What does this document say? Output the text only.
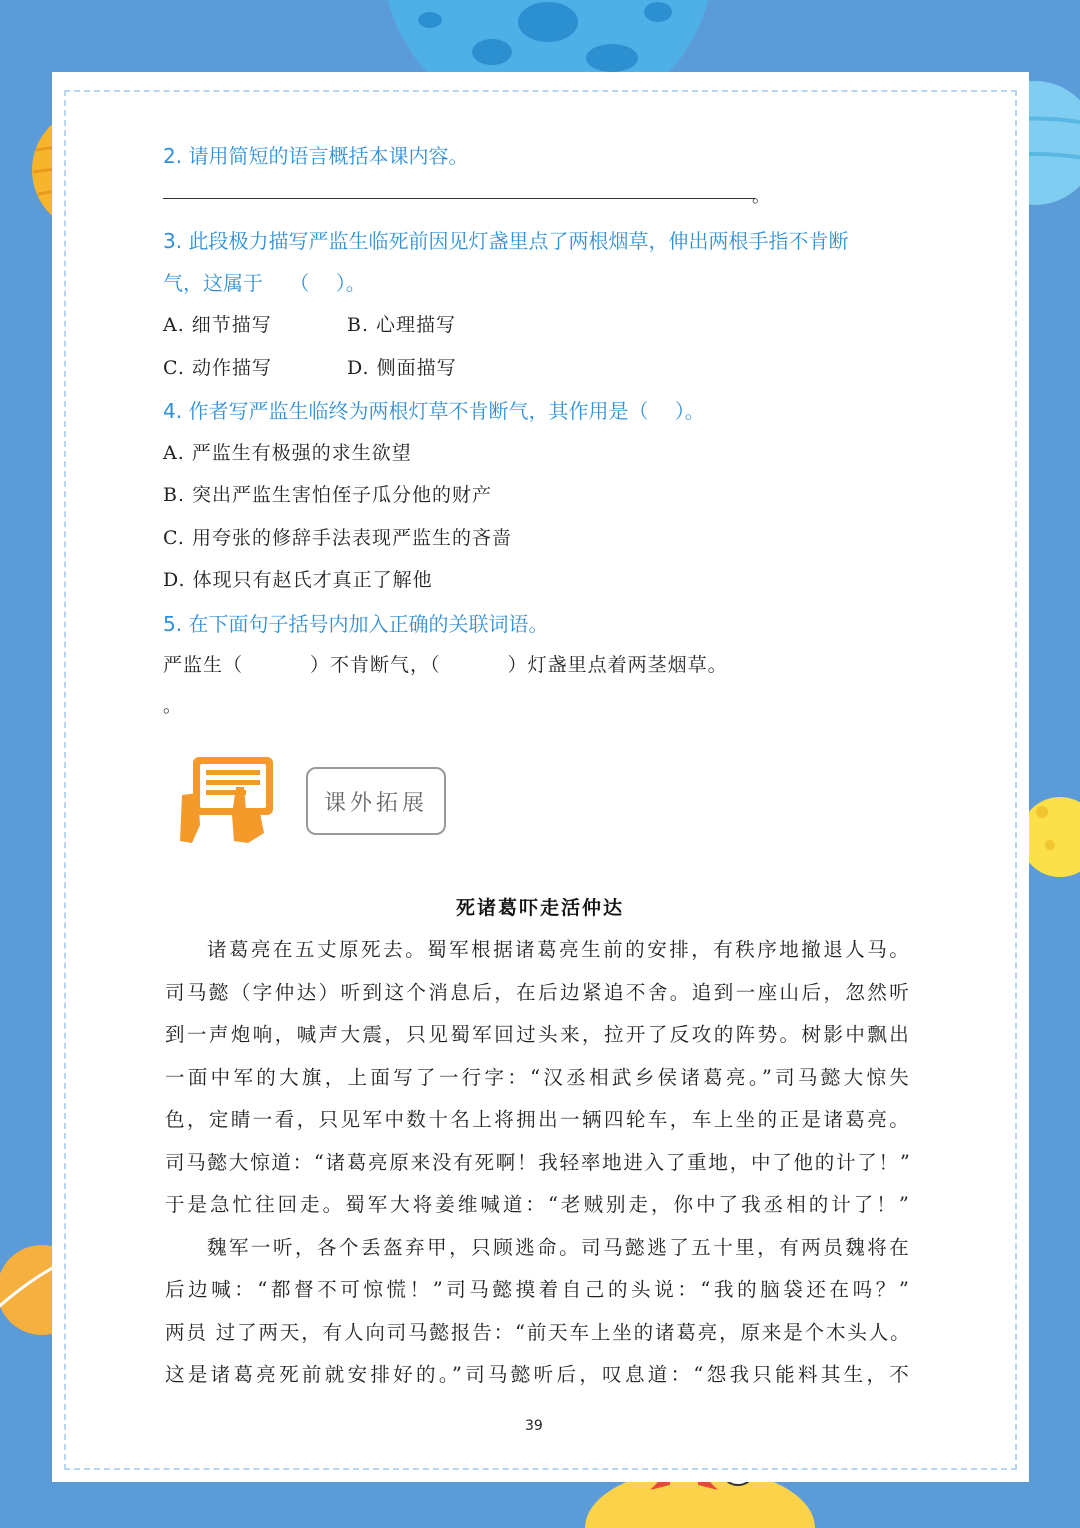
2. 请用简短的语言概括本课内容。
。
3. 此段极力描写严监生临死前因见灯盏里点了两根烟草，伸出两根手指不肯断
气，这属于　 （　 ）。
A. 细节描写	B. 心理描写
C. 动作描写	D. 侧面描写
4. 作者写严监生临终为两根灯草不肯断气，其作用是（　 ）。
A. 严监生有极强的求生欲望
B. 突出严监生害怕侄子瓜分他的财产
C. 用夸张的修辞手法表现严监生的吝啬
D. 体现只有赵氏才真正了解他
5. 在下面句子括号内加入正确的关联词语。
严监生（　　　 ）不肯断气，（　　　 ）灯盏里点着两茎烟草。
。
课外拓展
死诸葛吓走活仲达
诸葛亮在五丈原死去。蜀军根据诸葛亮生前的安排，有秩序地撤退人马。
司马懿（字仲达）听到这个消息后，在后边紧追不舍。追到一座山后，忽然听
到一声炮响，喊声大震，只见蜀军回过头来，拉开了反攻的阵势。树影中飘出
一面中军的大旗，上面写了一行字：“汉丞相武乡侯诸葛亮。”司马懿大惊失
色，定睛一看，只见军中数十名上将拥出一辆四轮车，车上坐的正是诸葛亮。
司马懿大惊道：“诸葛亮原来没有死啊！我轻率地进入了重地，中了他的计了！”
于是急忙往回走。蜀军大将姜维喊道：“老贼别走，你中了我丞相的计了！”
魏军一听，各个丢盔弃甲，只顾逃命。司马懿逃了五十里，有两员魏将在
后边喊：“都督不可惊慌！”司马懿摸着自己的头说：“我的脑袋还在吗？”
两员 过了两天，有人向司马懿报告：“前天车上坐的诸葛亮，原来是个木头人。
这是诸葛亮死前就安排好的。”司马懿听后，叹息道：“怨我只能料其生，不
39
